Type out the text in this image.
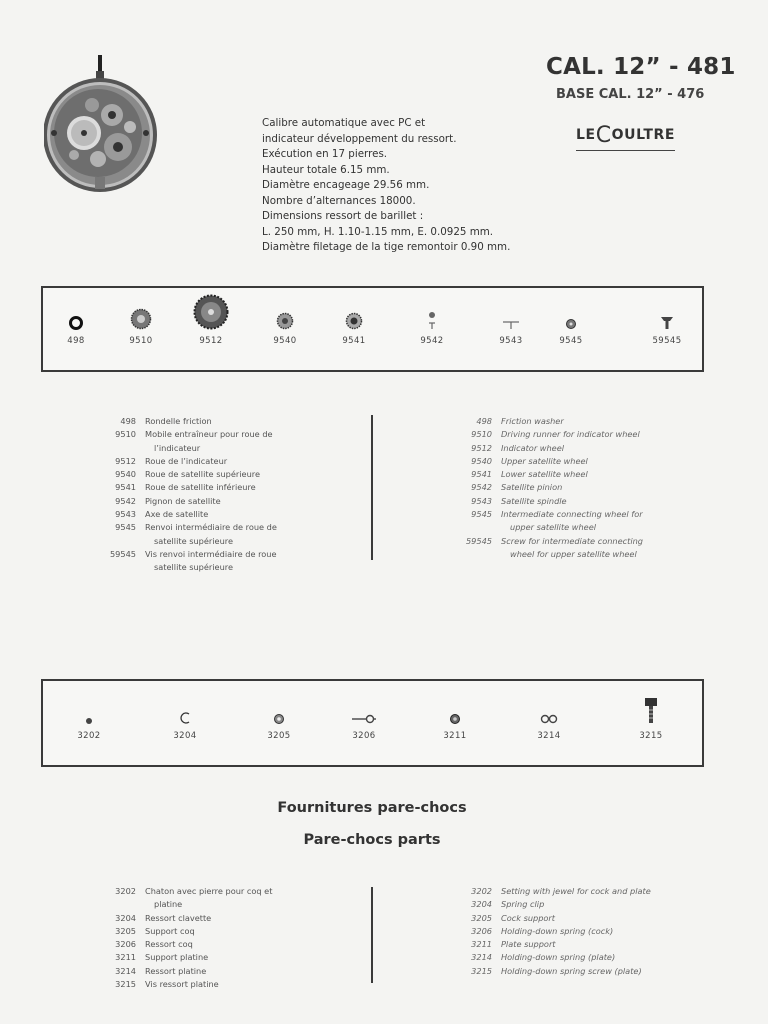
CAL. 12” - 481
BASE CAL. 12” - 476
LECOULTRE
Calibre automatique avec PC et
indicateur développement du ressort.
Exécution en 17 pierres.
Hauteur totale 6.15 mm.
Diamètre encageage 29.56 mm.
Nombre d’alternances 18000.
Dimensions ressort de barillet :
L. 250 mm, H. 1.10-1.15 mm, E. 0.0925 mm.
Diamètre filetage de la tige remontoir 0.90 mm.
498	9510	9512	9540	9541	9542	9543	9545	59545
498	Rondelle friction
9510	Mobile entraîneur pour roue de
l’indicateur
9512	Roue de l’indicateur
9540	Roue de satellite supérieure
9541	Roue de satellite inférieure
9542	Pignon de satellite
9543	Axe de satellite
9545	Renvoi intermédiaire de roue de
satellite supérieure
59545	Vis renvoi intermédiaire de roue
satellite supérieure
498	Friction washer
9510	Driving runner for indicator wheel
9512	Indicator wheel
9540	Upper satellite wheel
9541	Lower satellite wheel
9542	Satellite pinion
9543	Satellite spindle
9545	Intermediate connecting wheel for
upper satellite wheel
59545	Screw for intermediate connecting
wheel for upper satellite wheel
3202	3204	3205	3206	3211	3214	3215
Fournitures pare-chocs
Pare-chocs parts
3202	Chaton avec pierre pour coq et
platine
3204	Ressort clavette
3205	Support coq
3206	Ressort coq
3211	Support platine
3214	Ressort platine
3215	Vis ressort platine
3202	Setting with jewel for cock and plate
3204	Spring clip
3205	Cock support
3206	Holding-down spring (cock)
3211	Plate support
3214	Holding-down spring (plate)
3215	Holding-down spring screw (plate)
